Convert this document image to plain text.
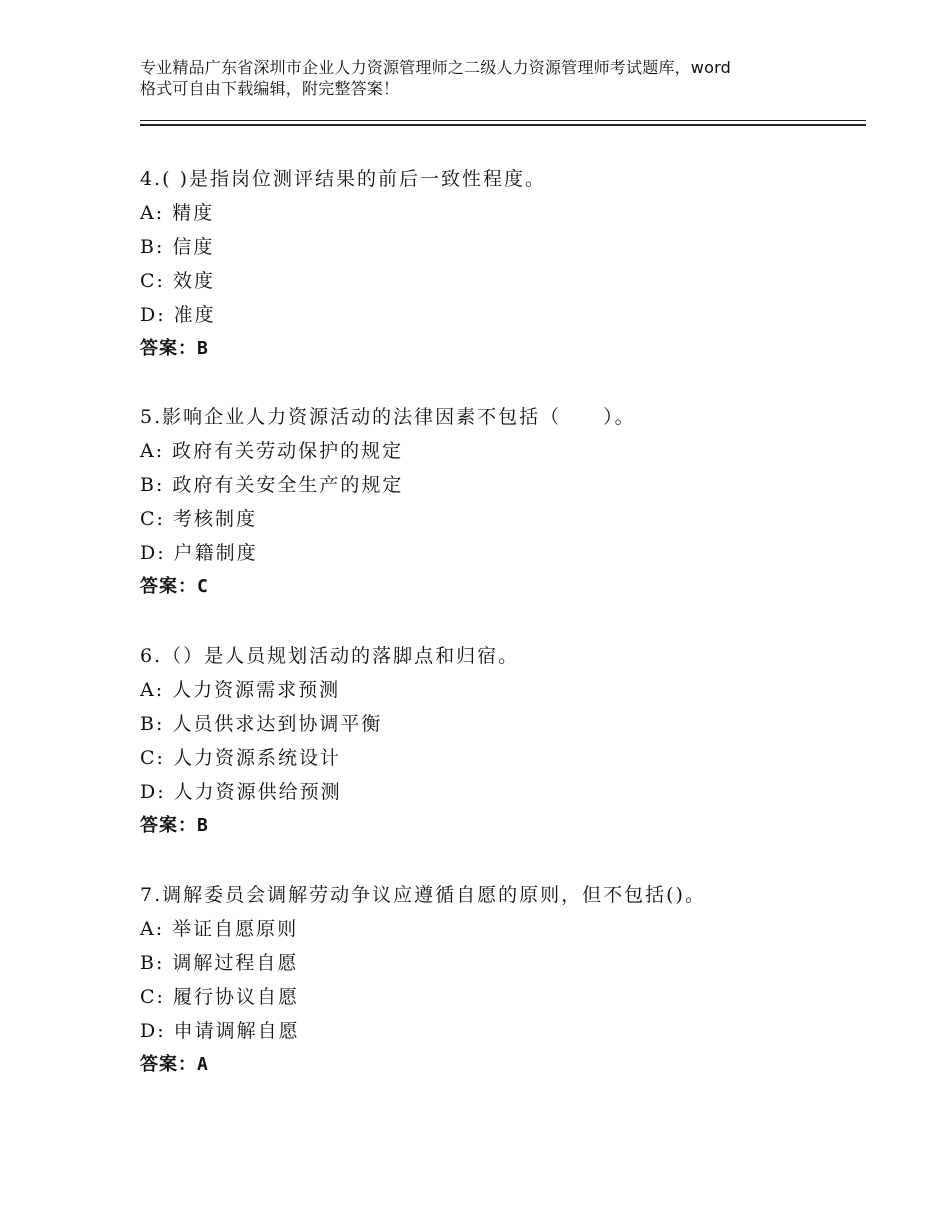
专业精品广东省深圳市企业人力资源管理师之二级人力资源管理师考试题库，word
格式可自由下载编辑，附完整答案！
4.( )是指岗位测评结果的前后一致性程度。
A: 精度
B: 信度
C: 效度
D: 准度
答案：B
5.影响企业人力资源活动的法律因素不包括（　　）。
A: 政府有关劳动保护的规定
B: 政府有关安全生产的规定
C: 考核制度
D: 户籍制度
答案：C
6.（）是人员规划活动的落脚点和归宿。
A: 人力资源需求预测
B: 人员供求达到协调平衡
C: 人力资源系统设计
D: 人力资源供给预测
答案：B
7.调解委员会调解劳动争议应遵循自愿的原则，但不包括()。
A: 举证自愿原则
B: 调解过程自愿
C: 履行协议自愿
D: 申请调解自愿
答案：A
